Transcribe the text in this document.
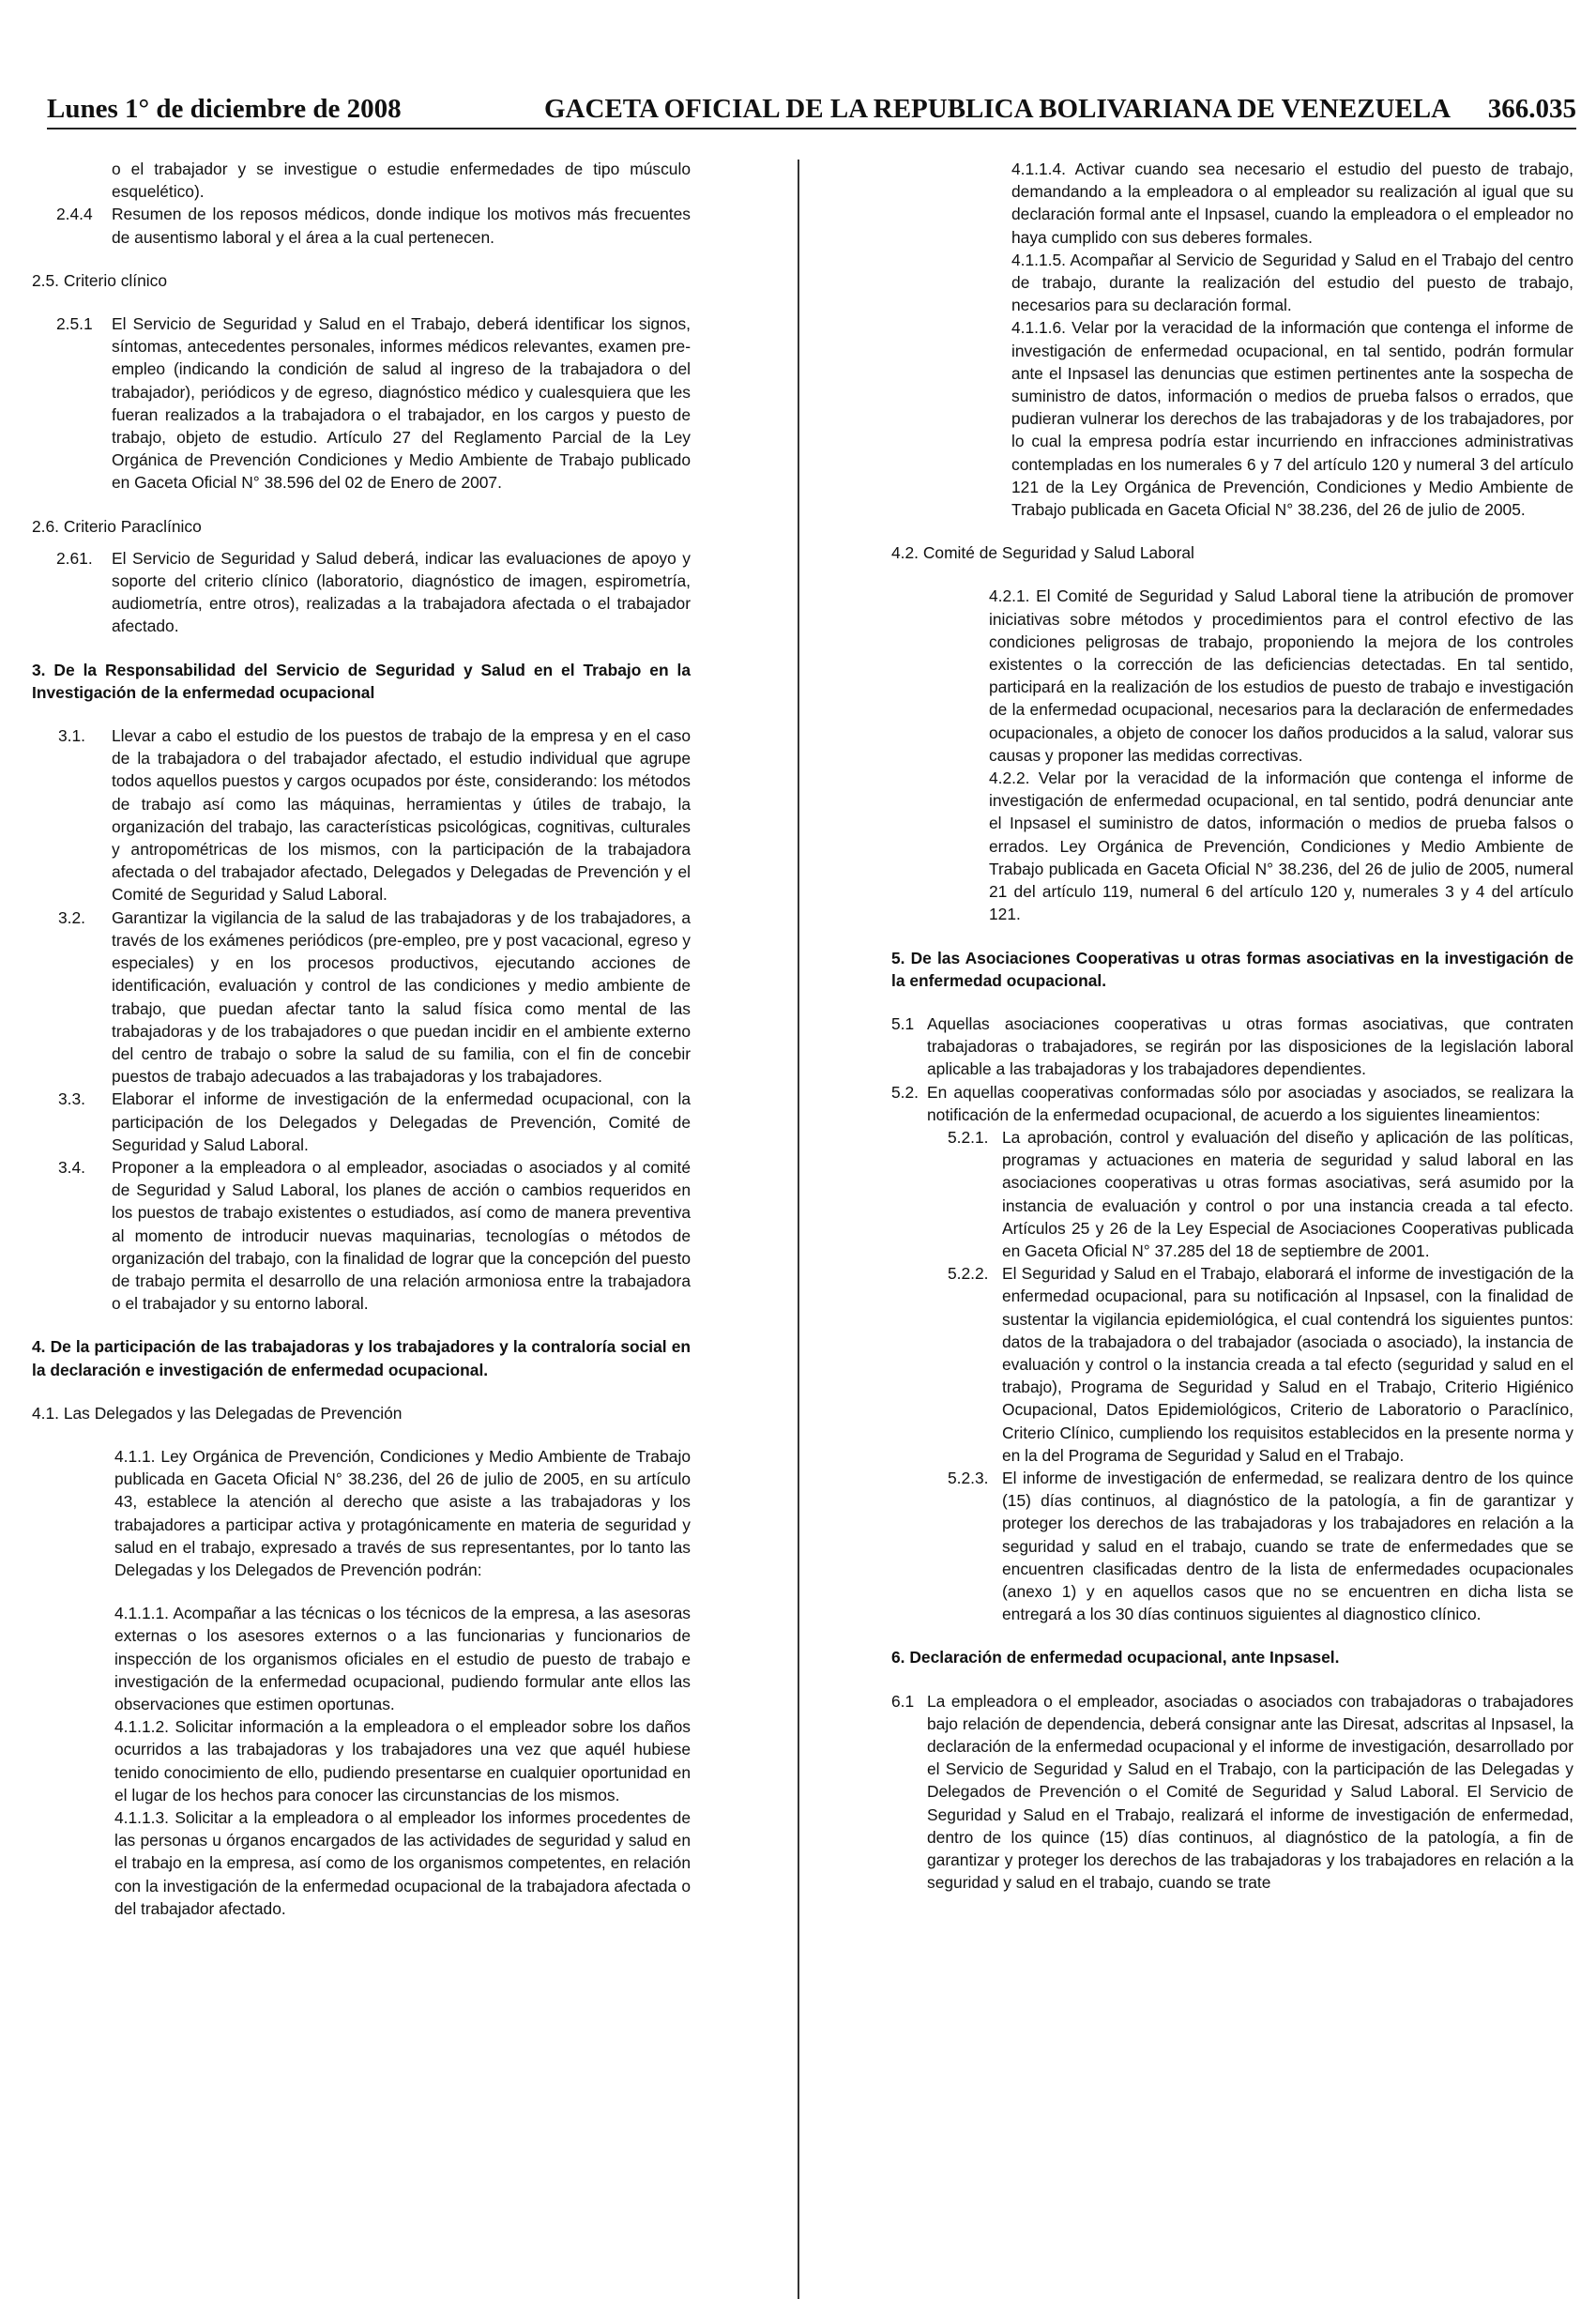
Lunes 1° de diciembre de 2008	GACETA OFICIAL DE LA REPUBLICA BOLIVARIANA DE VENEZUELA 366.035

o el trabajador y se investigue o estudie enfermedades de tipo músculo esquelético).

2.4.4	Resumen de los reposos médicos, donde indique los motivos más frecuentes de ausentismo laboral y el área a la cual pertenecen.

2.5. Criterio clínico

2.5.1	El Servicio de Seguridad y Salud en el Trabajo, deberá identificar los signos, síntomas, antecedentes personales, informes médicos relevantes, examen pre-empleo (indicando la condición de salud al ingreso de la trabajadora o del trabajador), periódicos y de egreso, diagnóstico médico y cualesquiera que les fueran realizados a la trabajadora o el trabajador, en los cargos y puesto de trabajo, objeto de estudio. Artículo 27 del Reglamento Parcial de la Ley Orgánica de Prevención Condiciones y Medio Ambiente de Trabajo publicado en Gaceta Oficial N° 38.596 del 02 de Enero de 2007.

2.6. Criterio Paraclínico

2.61.	El Servicio de Seguridad y Salud deberá, indicar las evaluaciones de apoyo y soporte del criterio clínico (laboratorio, diagnóstico de imagen, espirometría, audiometría, entre otros), realizadas a la trabajadora afectada o el trabajador afectado.

3. De la Responsabilidad del Servicio de Seguridad y Salud en el Trabajo en la Investigación de la enfermedad ocupacional

3.1.	Llevar a cabo el estudio de los puestos de trabajo de la empresa y en el caso de la trabajadora o del trabajador afectado, el estudio individual que agrupe todos aquellos puestos y cargos ocupados por éste, considerando: los métodos de trabajo así como las máquinas, herramientas y útiles de trabajo, la organización del trabajo, las características psicológicas, cognitivas, culturales y antropométricas de los mismos, con la participación de la trabajadora afectada o del trabajador afectado, Delegados y Delegadas de Prevención y el Comité de Seguridad y Salud Laboral.
3.2.	Garantizar la vigilancia de la salud de las trabajadoras y de los trabajadores, a través de los exámenes periódicos (pre-empleo, pre y post vacacional, egreso y especiales) y en los procesos productivos, ejecutando acciones de identificación, evaluación y control de las condiciones y medio ambiente de trabajo, que puedan afectar tanto la salud física como mental de las trabajadoras y de los trabajadores o que puedan incidir en el ambiente externo del centro de trabajo o sobre la salud de su familia, con el fin de concebir puestos de trabajo adecuados a las trabajadoras y los trabajadores.
3.3.	Elaborar el informe de investigación de la enfermedad ocupacional, con la participación de los Delegados y Delegadas de Prevención, Comité de Seguridad y Salud Laboral.
3.4.	Proponer a la empleadora o al empleador, asociadas o asociados y al comité de Seguridad y Salud Laboral, los planes de acción o cambios requeridos en los puestos de trabajo existentes o estudiados, así como de manera preventiva al momento de introducir nuevas maquinarias, tecnologías o métodos de organización del trabajo, con la finalidad de lograr que la concepción del puesto de trabajo permita el desarrollo de una relación armoniosa entre la trabajadora o el trabajador y su entorno laboral.

4. De la participación de las trabajadoras y los trabajadores y la contraloría social en la declaración e investigación de enfermedad ocupacional.

4.1. Las Delegados y las Delegadas de Prevención

4.1.1. Ley Orgánica de Prevención, Condiciones y Medio Ambiente de Trabajo publicada en Gaceta Oficial N° 38.236, del 26 de julio de 2005, en su artículo 43, establece la atención al derecho que asiste a las trabajadoras y los trabajadores a participar activa y protagónicamente en materia de seguridad y salud en el trabajo, expresado a través de sus representantes, por lo tanto las Delegadas y los Delegados de Prevención podrán:

4.1.1.1. Acompañar a las técnicas o los técnicos de la empresa, a las asesoras externas o los asesores externos o a las funcionarias y funcionarios de inspección de los organismos oficiales en el estudio de puesto de trabajo e investigación de la enfermedad ocupacional, pudiendo formular ante ellos las observaciones que estimen oportunas.

4.1.1.2. Solicitar información a la empleadora o el empleador sobre los daños ocurridos a las trabajadoras y los trabajadores una vez que aquél hubiese tenido conocimiento de ello, pudiendo presentarse en cualquier oportunidad en el lugar de los hechos para conocer las circunstancias de los mismos.

4.1.1.3. Solicitar a la empleadora o al empleador los informes procedentes de las personas u órganos encargados de las actividades de seguridad y salud en el trabajo en la empresa, así como de los organismos competentes, en relación con la investigación de la enfermedad ocupacional de la trabajadora afectada o del trabajador afectado.

4.1.1.4. Activar cuando sea necesario el estudio del puesto de trabajo, demandando a la empleadora o al empleador su realización al igual que su declaración formal ante el Inpsasel, cuando la empleadora o el empleador no haya cumplido con sus deberes formales.

4.1.1.5. Acompañar al Servicio de Seguridad y Salud en el Trabajo del centro de trabajo, durante la realización del estudio del puesto de trabajo, necesarios para su declaración formal.

4.1.1.6. Velar por la veracidad de la información que contenga el informe de investigación de enfermedad ocupacional, en tal sentido, podrán formular ante el Inpsasel las denuncias que estimen pertinentes ante la sospecha de suministro de datos, información o medios de prueba falsos o errados, que pudieran vulnerar los derechos de las trabajadoras y de los trabajadores, por lo cual la empresa podría estar incurriendo en infracciones administrativas contempladas en los numerales 6 y 7 del artículo 120 y numeral 3 del artículo 121 de la Ley Orgánica de Prevención, Condiciones y Medio Ambiente de Trabajo publicada en Gaceta Oficial N° 38.236, del 26 de julio de 2005.

4.2. Comité de Seguridad y Salud Laboral

4.2.1. El Comité de Seguridad y Salud Laboral tiene la atribución de promover iniciativas sobre métodos y procedimientos para el control efectivo de las condiciones peligrosas de trabajo, proponiendo la mejora de los controles existentes o la corrección de las deficiencias detectadas. En tal sentido, participará en la realización de los estudios de puesto de trabajo e investigación de la enfermedad ocupacional, necesarios para la declaración de enfermedades ocupacionales, a objeto de conocer los daños producidos a la salud, valorar sus causas y proponer las medidas correctivas.

4.2.2. Velar por la veracidad de la información que contenga el informe de investigación de enfermedad ocupacional, en tal sentido, podrá denunciar ante el Inpsasel el suministro de datos, información o medios de prueba falsos o errados. Ley Orgánica de Prevención, Condiciones y Medio Ambiente de Trabajo publicada en Gaceta Oficial N° 38.236, del 26 de julio de 2005, numeral 21 del artículo 119, numeral 6 del artículo 120 y, numerales 3 y 4 del artículo 121.

5. De las Asociaciones Cooperativas u otras formas asociativas en la investigación de la enfermedad ocupacional.

5.1 Aquellas asociaciones cooperativas u otras formas asociativas, que contraten trabajadoras o trabajadores, se regirán por las disposiciones de la legislación laboral aplicable a las trabajadoras y los trabajadores dependientes.
5.2. En aquellas cooperativas conformadas sólo por asociadas y asociados, se realizara la notificación de la enfermedad ocupacional, de acuerdo a los siguientes lineamientos:
5.2.1. La aprobación, control y evaluación del diseño y aplicación de las políticas, programas y actuaciones en materia de seguridad y salud laboral en las asociaciones cooperativas u otras formas asociativas, será asumido por la instancia de evaluación y control o por una instancia creada a tal efecto. Artículos 25 y 26 de la Ley Especial de Asociaciones Cooperativas publicada en Gaceta Oficial N° 37.285 del 18 de septiembre de 2001.
5.2.2. El Seguridad y Salud en el Trabajo, elaborará el informe de investigación de la enfermedad ocupacional, para su notificación al Inpsasel, con la finalidad de sustentar la vigilancia epidemiológica, el cual contendrá los siguientes puntos: datos de la trabajadora o del trabajador (asociada o asociado), la instancia de evaluación y control o la instancia creada a tal efecto (seguridad y salud en el trabajo), Programa de Seguridad y Salud en el Trabajo, Criterio Higiénico Ocupacional, Datos Epidemiológicos, Criterio de Laboratorio o Paraclínico, Criterio Clínico, cumpliendo los requisitos establecidos en la presente norma y en la del Programa de Seguridad y Salud en el Trabajo.
5.2.3. El informe de investigación de enfermedad, se realizara dentro de los quince (15) días continuos, al diagnóstico de la patología, a fin de garantizar y proteger los derechos de las trabajadoras y los trabajadores en relación a la seguridad y salud en el trabajo, cuando se trate de enfermedades que se encuentren clasificadas dentro de la lista de enfermedades ocupacionales (anexo 1) y en aquellos casos que no se encuentren en dicha lista se entregará a los 30 días continuos siguientes al diagnostico clínico.

6. Declaración de enfermedad ocupacional, ante Inpsasel.

6.1 La empleadora o el empleador, asociadas o asociados con trabajadoras o trabajadores bajo relación de dependencia, deberá consignar ante las Diresat, adscritas al Inpsasel, la declaración de la enfermedad ocupacional y el informe de investigación, desarrollado por el Servicio de Seguridad y Salud en el Trabajo, con la participación de las Delegadas y Delegados de Prevención o el Comité de Seguridad y Salud Laboral. El Servicio de Seguridad y Salud en el Trabajo, realizará el informe de investigación de enfermedad, dentro de los quince (15) días continuos, al diagnóstico de la patología, a fin de garantizar y proteger los derechos de las trabajadoras y los trabajadores en relación a la seguridad y salud en el trabajo, cuando se trate
